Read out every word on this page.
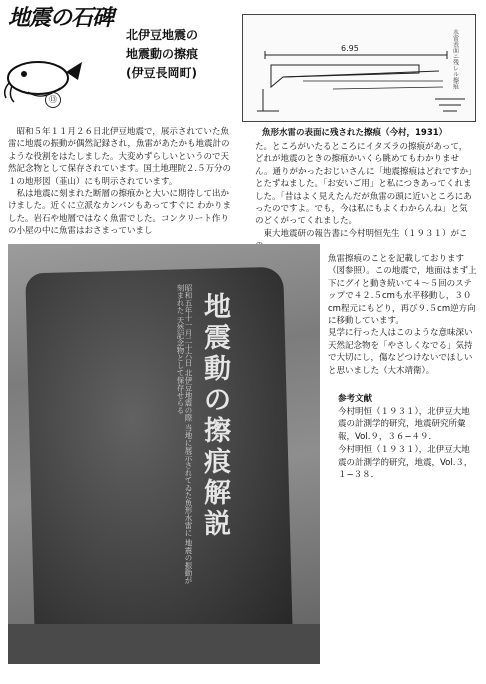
地震の石碑
⑬
北伊豆地震の
地震動の擦痕
(伊豆長岡町)
6.95	水雷表面ニ残レル擦痕
魚形水雷の表面に残された擦痕（今村，1931）

昭和５年１１月２６日北伊豆地震で，展示されていた魚雷に地震の振動が偶然記録され，魚雷があたかも地震計のような役割をはたしました。大変めずらしいというので天然記念物として保存されています。国土地理院２.５万分の１の地形図（韮山）にも明示されています。

私は地震に刻まれた断層の擦痕かと大いに期待して出かけました。近くに立派なカンバンもあってすぐに わかりました。岩石や地層ではなく魚雷でした。コンクリート作りの小屋の中に魚雷はおさまっていまし

た。ところがいたるところにイタズラの擦痕があって，どれが地震のときの擦痕かいくら眺めてもわかりません。通りがかったおじいさんに「地震擦痕はどれですか」とたずねました。「お安いご用」と私につきあってくれました。「昔はよく見えたんだが魚雷の頭に近いところにあったのですよ。でも，今は私にもよくわからんね」と気のどくがってくれました。

東大地震研の報告書に今村明恒先生（１９３１）がこ

魚雷擦痕のことを記載しております（図参照）。この地震で，地面はまず上下にグイと動き続いて４～５回のステップで４２.５cmも水平移動し，３０cm程元にもどり，再び９.５cm逆方向に移動しています。

見学に行った人はこのような意味深い天然記念物を「やさしくなでる」気持で大切にし，傷などつけないでほしいと思いました（大木靖衛）。

地震動の擦痕解説
昭和五年十一月二十六日 北伊豆地震の際 当地に展示されてゐた魚形水雷に 地震の振動が刻まれた 天然記念物として保存せらる	参考文献

今村明恒（１９３１），北伊豆大地震の計測学的研究，地震研究所彙報，Vol.９，３６−４９．

今村明恒（１９３１），北伊豆大地震の計測学的研究，地震，Vol.３，１−３８．
